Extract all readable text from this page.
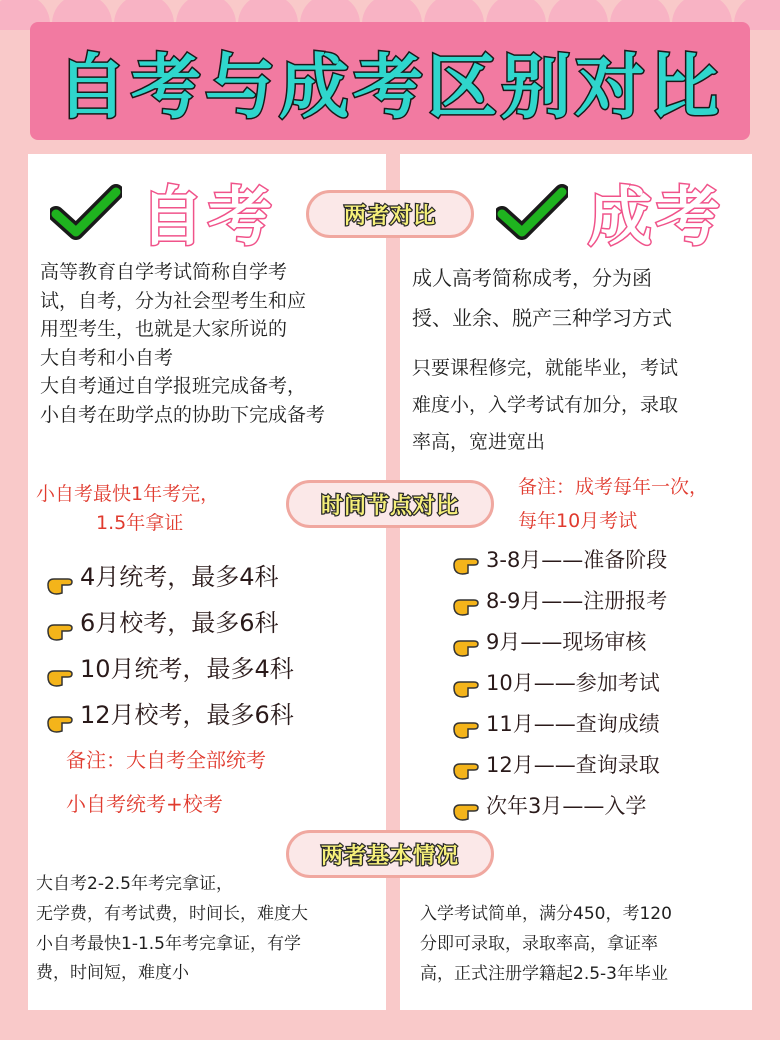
自考与成考区别对比
自考
高等教育自学考试简称自学考
试，自考，分为社会型考生和应
用型考生，也就是大家所说的
大自考和小自考
大自考通过自学报班完成备考，
小自考在助学点的协助下完成备考
小自考最快1年考完，
1.5年拿证
4月统考，最多4科
6月校考，最多6科
10月统考，最多4科
12月校考，最多6科
备注：大自考全部统考
小自考统考+校考
大自考2-2.5年考完拿证，
无学费，有考试费，时间长，难度大
小自考最快1-1.5年考完拿证，有学
费，时间短，难度小
成考
成人高考简称成考，分为函
授、业余、脱产三种学习方式
只要课程修完，就能毕业，考试
难度小，入学考试有加分，录取
率高，宽进宽出
备注：成考每年一次，
每年10月考试
3-8月——准备阶段
8-9月——注册报考
9月——现场审核
10月——参加考试
11月——查询成绩
12月——查询录取
次年3月——入学
入学考试简单，满分450，考120
分即可录取，录取率高，拿证率
高，正式注册学籍起2.5-3年毕业
两者对比
时间节点对比
两者基本情况
